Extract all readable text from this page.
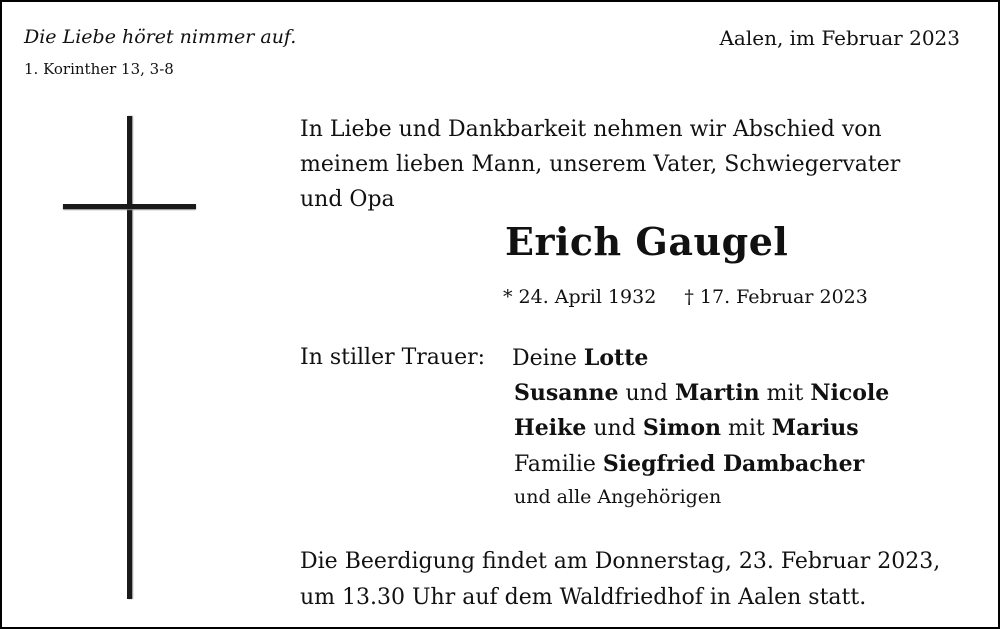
Die Liebe höret nimmer auf.
1. Korinther 13, 3-8
Aalen, im Februar 2023
In Liebe und Dankbarkeit nehmen wir Abschied von
meinem lieben Mann, unserem Vater, Schwiegervater
und Opa
Erich Gaugel
* 24. April 1932 † 17. Februar 2023
In stiller Trauer: Deine Lotte
Susanne und Martin mit Nicole
Heike und Simon mit Marius
Familie Siegfried Dambacher
und alle Angehörigen
Die Beerdigung findet am Donnerstag, 23. Februar 2023,
um 13.30 Uhr auf dem Waldfriedhof in Aalen statt.
